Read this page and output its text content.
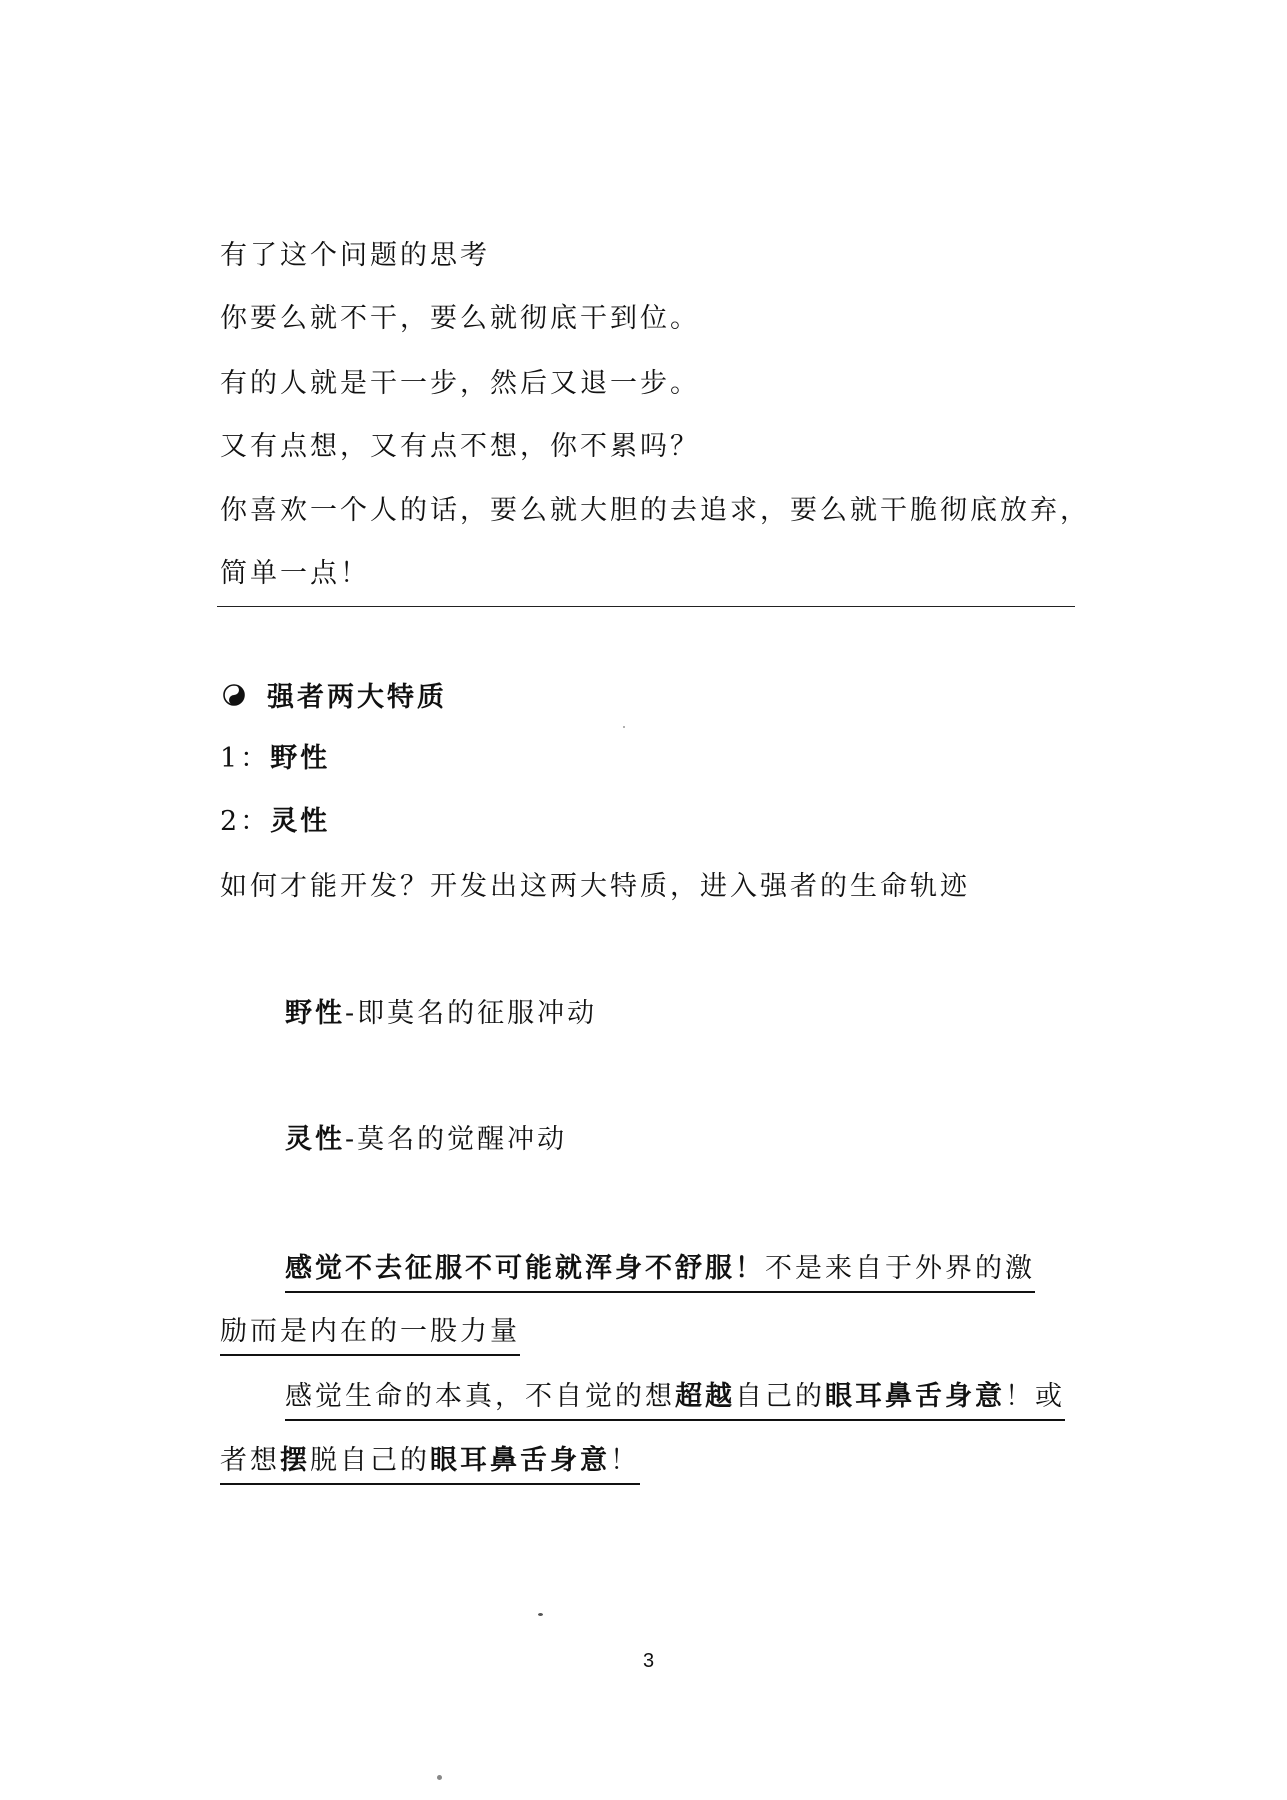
有了这个问题的思考
你要么就不干，要么就彻底干到位。
有的人就是干一步，然后又退一步。
又有点想，又有点不想，你不累吗？
你喜欢一个人的话，要么就大胆的去追求，要么就干脆彻底放弃，
简单一点！
强者两大特质
1：野性
2：灵性
如何才能开发？开发出这两大特质，进入强者的生命轨迹
野性-即莫名的征服冲动
灵性-莫名的觉醒冲动
感觉不去征服不可能就浑身不舒服！不是来自于外界的激
励而是内在的一股力量
感觉生命的本真，不自觉的想超越自己的眼耳鼻舌身意！或
者想摆脱自己的眼耳鼻舌身意！
3
